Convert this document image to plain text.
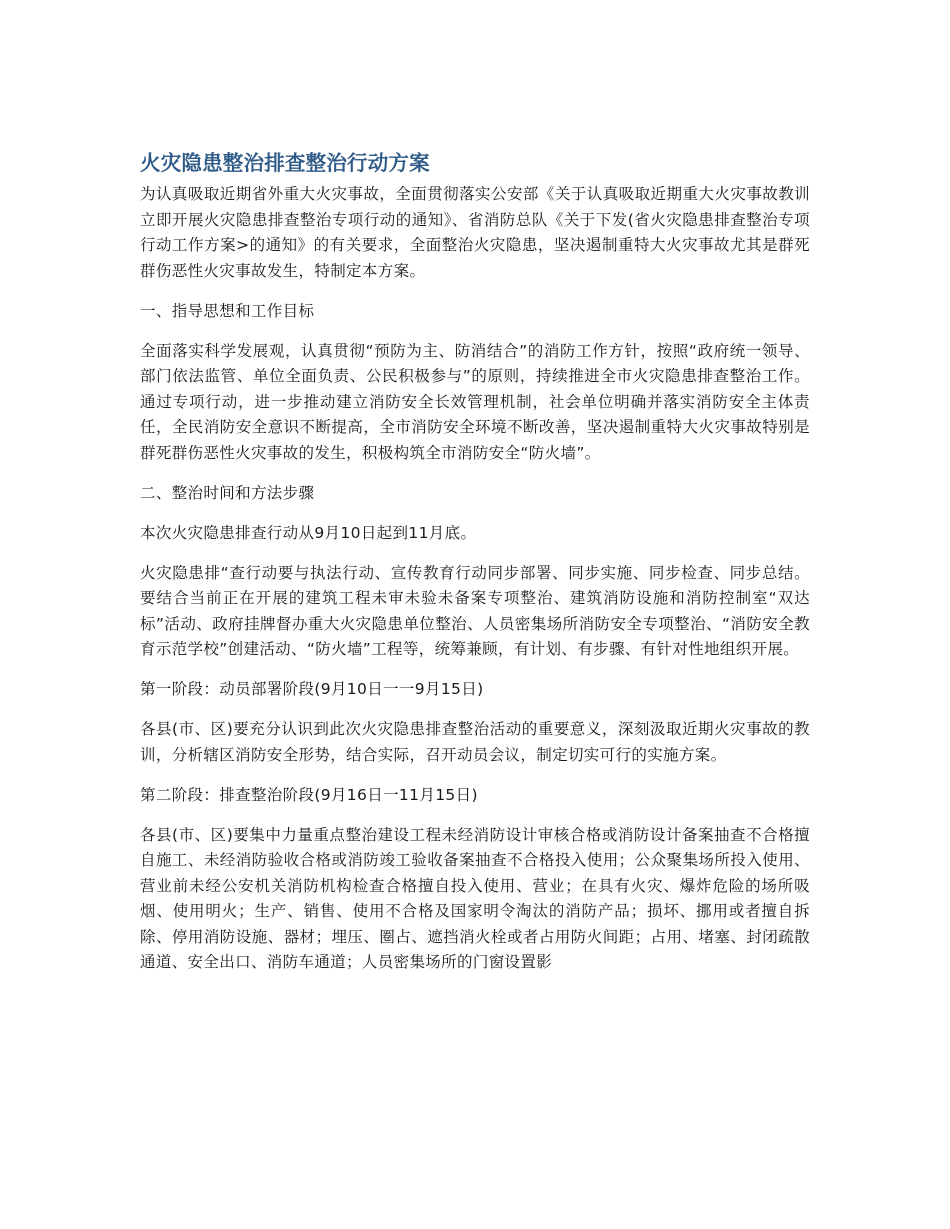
火灾隐患整治排查整治行动方案

为认真吸取近期省外重大火灾事故，全面贯彻落实公安部《关于认真吸取近期重大火灾事故教训立即开展火灾隐患排查整治专项行动的通知》、省消防总队《关于下发(省火灾隐患排查整治专项行动工作方案>的通知》的有关要求，全面整治火灾隐患，坚决遏制重特大火灾事故尤其是群死群伤恶性火灾事故发生，特制定本方案。

一、指导思想和工作目标

全面落实科学发展观，认真贯彻“预防为主、防消结合”的消防工作方针，按照“政府统一领导、部门依法监管、单位全面负责、公民积极参与”的原则，持续推进全市火灾隐患排查整治工作。通过专项行动，进一步推动建立消防安全长效管理机制，社会单位明确并落实消防安全主体责任，全民消防安全意识不断提高，全市消防安全环境不断改善，坚决遏制重特大火灾事故特别是群死群伤恶性火灾事故的发生，积极构筑全市消防安全“防火墙”。

二、整治时间和方法步骤

本次火灾隐患排查行动从9月10日起到11月底。

火灾隐患排“查行动要与执法行动、宣传教育行动同步部署、同步实施、同步检查、同步总结。要结合当前正在开展的建筑工程未审未验未备案专项整治、建筑消防设施和消防控制室“双达标”活动、政府挂牌督办重大火灾隐患单位整治、人员密集场所消防安全专项整治、“消防安全教育示范学校”创建活动、“防火墙”工程等，统筹兼顾，有计划、有步骤、有针对性地组织开展。

第一阶段：动员部署阶段(9月10日一一9月15日)

各县(市、区)要充分认识到此次火灾隐患排查整治活动的重要意义，深刻汲取近期火灾事故的教训，分析辖区消防安全形势，结合实际，召开动员会议，制定切实可行的实施方案。

第二阶段：排查整治阶段(9月16日一11月15日)

各县(市、区)要集中力量重点整治建设工程未经消防设计审核合格或消防设计备案抽查不合格擅自施工、未经消防验收合格或消防竣工验收备案抽查不合格投入使用；公众聚集场所投入使用、营业前未经公安机关消防机构检查合格擅自投入使用、营业；在具有火灾、爆炸危险的场所吸烟、使用明火；生产、销售、使用不合格及国家明令淘汰的消防产品；损坏、挪用或者擅自拆除、停用消防设施、器材；埋压、圈占、遮挡消火栓或者占用防火间距；占用、堵塞、封闭疏散通道、安全出口、消防车通道；人员密集场所的门窗设置影
